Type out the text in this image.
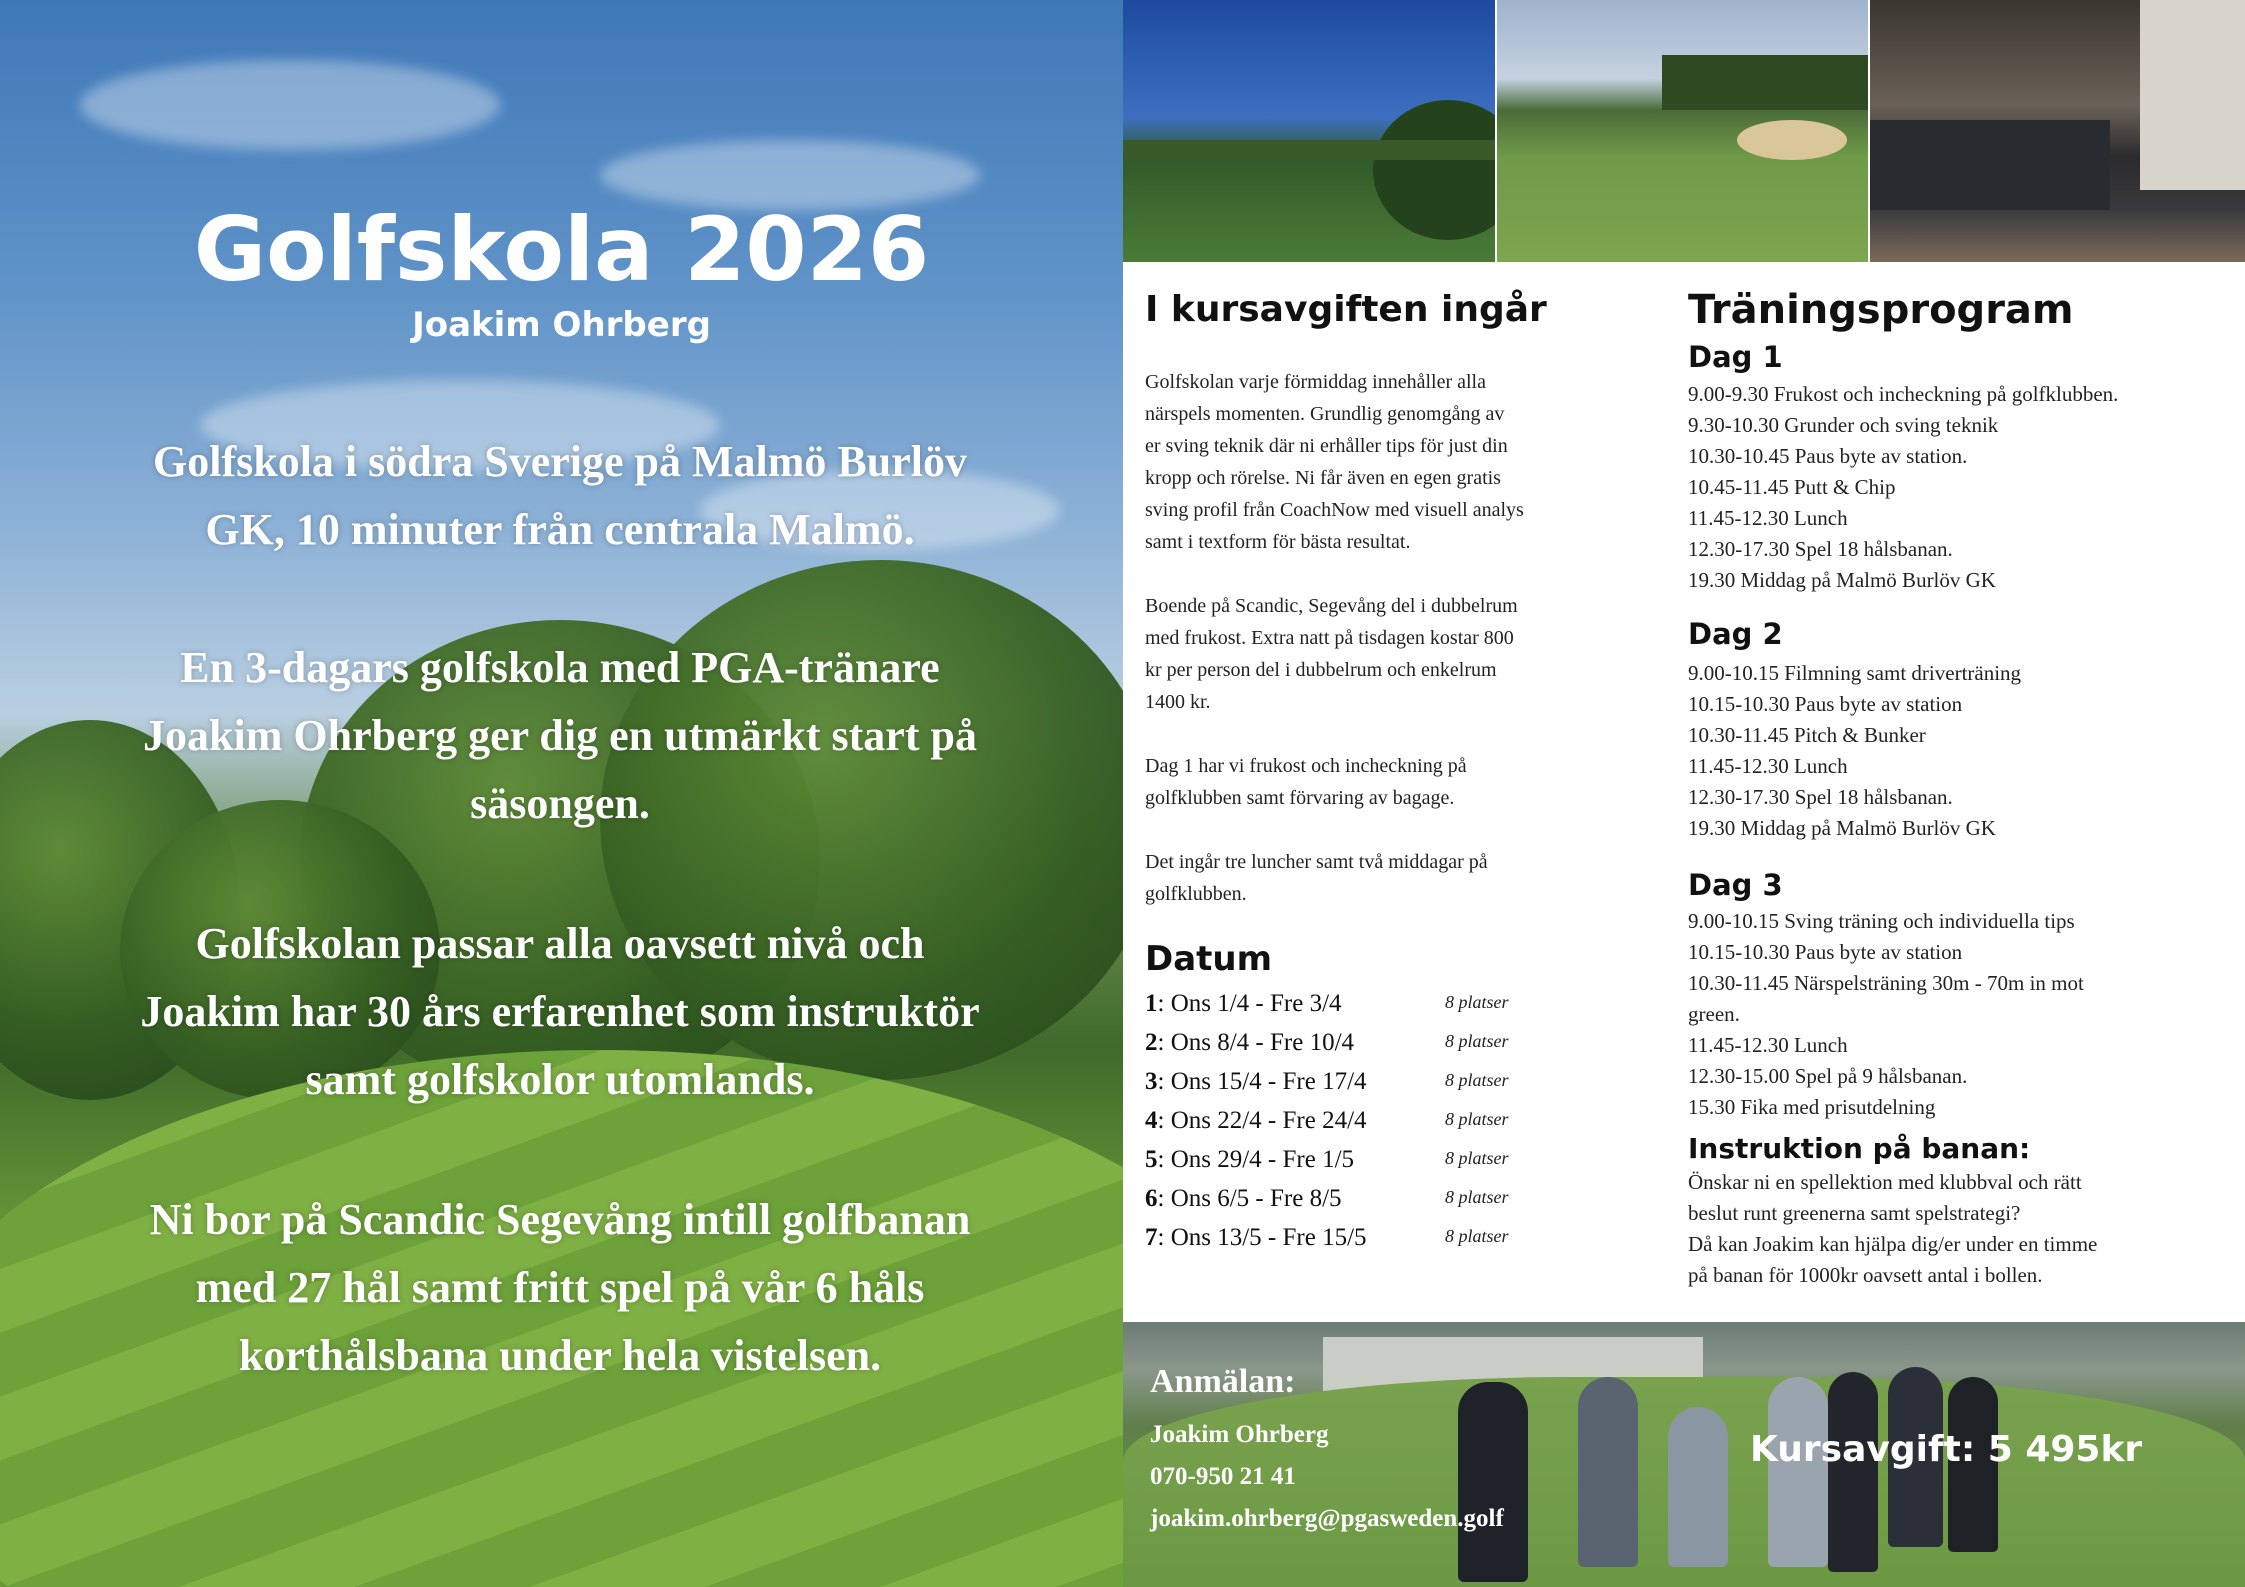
Golfskola 2026
Joakim Ohrberg
Golfskola i södra Sverige på Malmö Burlöv
GK, 10 minuter från centrala Malmö.
En 3-dagars golfskola med PGA-tränare
Joakim Ohrberg ger dig en utmärkt start på
säsongen.
Golfskolan passar alla oavsett nivå och
Joakim har 30 års erfarenhet som instruktör
samt golfskolor utomlands.
Ni bor på Scandic Segevång intill golfbanan
med 27 hål samt fritt spel på vår 6 håls
korthålsbana under hela vistelsen.
I kursavgiften ingår
Golfskolan varje förmiddag innehåller alla
närspels momenten. Grundlig genomgång av
er sving teknik där ni erhåller tips för just din
kropp och rörelse. Ni får även en egen gratis
sving profil från CoachNow med visuell analys
samt i textform för bästa resultat.
Boende på Scandic, Segevång del i dubbelrum
med frukost. Extra natt på tisdagen kostar 800
kr per person del i dubbelrum och enkelrum
1400 kr.
Dag 1 har vi frukost och incheckning på
golfklubben samt förvaring av bagage.
Det ingår tre luncher samt två middagar på
golfklubben.
Datum
1: Ons 1/4 - Fre 3/4	8 platser
2: Ons 8/4 - Fre 10/4	8 platser
3: Ons 15/4 - Fre 17/4	8 platser
4: Ons 22/4 - Fre 24/4	8 platser
5: Ons 29/4 - Fre 1/5	8 platser
6: Ons 6/5 - Fre 8/5	8 platser
7: Ons 13/5 - Fre 15/5	8 platser
Träningsprogram
Dag 1
9.00-9.30 Frukost och incheckning på golfklubben.
9.30-10.30 Grunder och sving teknik
10.30-10.45 Paus byte av station.
10.45-11.45 Putt & Chip
11.45-12.30 Lunch
12.30-17.30 Spel 18 hålsbanan.
19.30 Middag på Malmö Burlöv GK
Dag 2
9.00-10.15 Filmning samt driverträning
10.15-10.30 Paus byte av station
10.30-11.45 Pitch & Bunker
11.45-12.30 Lunch
12.30-17.30 Spel 18 hålsbanan.
19.30 Middag på Malmö Burlöv GK
Dag 3
9.00-10.15 Sving träning och individuella tips
10.15-10.30 Paus byte av station
10.30-11.45 Närspelsträning 30m - 70m in mot
green.
11.45-12.30 Lunch
12.30-15.00 Spel på 9 hålsbanan.
15.30 Fika med prisutdelning
Instruktion på banan:
Önskar ni en spellektion med klubbval och rätt
beslut runt greenerna samt spelstrategi?
Då kan Joakim kan hjälpa dig/er under en timme
på banan för 1000kr oavsett antal i bollen.
Anmälan:
Joakim Ohrberg
070-950 21 41
joakim.ohrberg@pgasweden.golf
Kursavgift: 5 495kr
